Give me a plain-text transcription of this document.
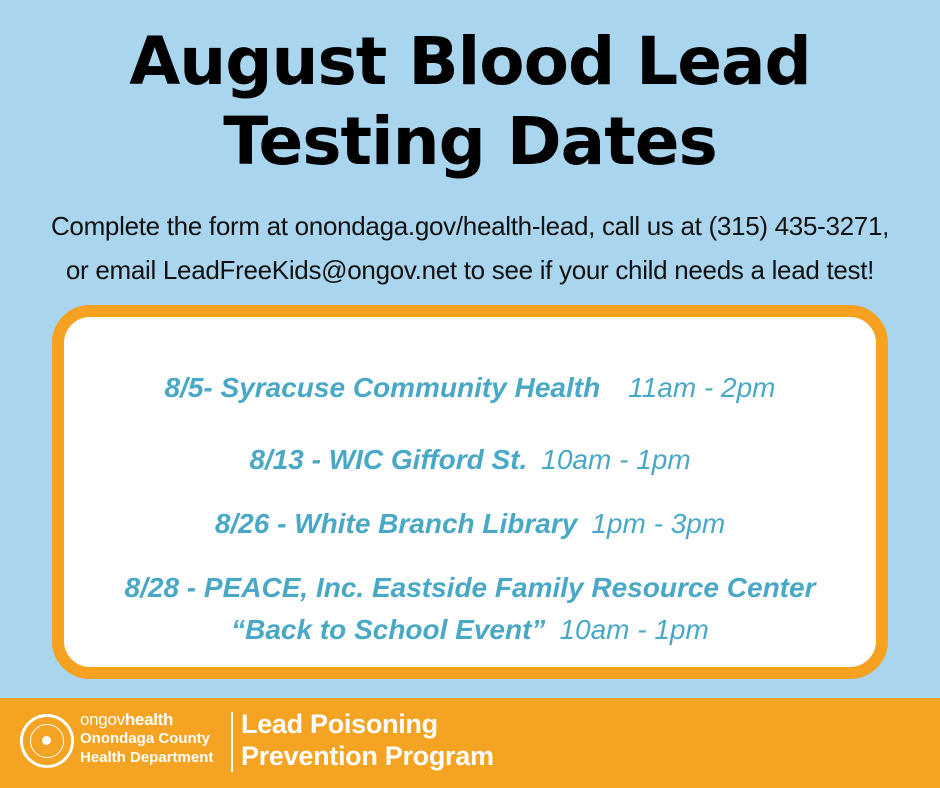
August Blood Lead
Testing Dates
Complete the form at onondaga.gov/health-lead, call us at (315) 435-3271,
or email LeadFreeKids@ongov.net to see if your child needs a lead test!
8/5- Syracuse Community Health 11am - 2pm
8/13 - WIC Gifford St. 10am - 1pm
8/26 - White Branch Library 1pm - 3pm
8/28 - PEACE, Inc. Eastside Family Resource Center
“Back to School Event” 10am - 1pm
ongovhealth
Onondaga County
Health Department
Lead Poisoning
Prevention Program
